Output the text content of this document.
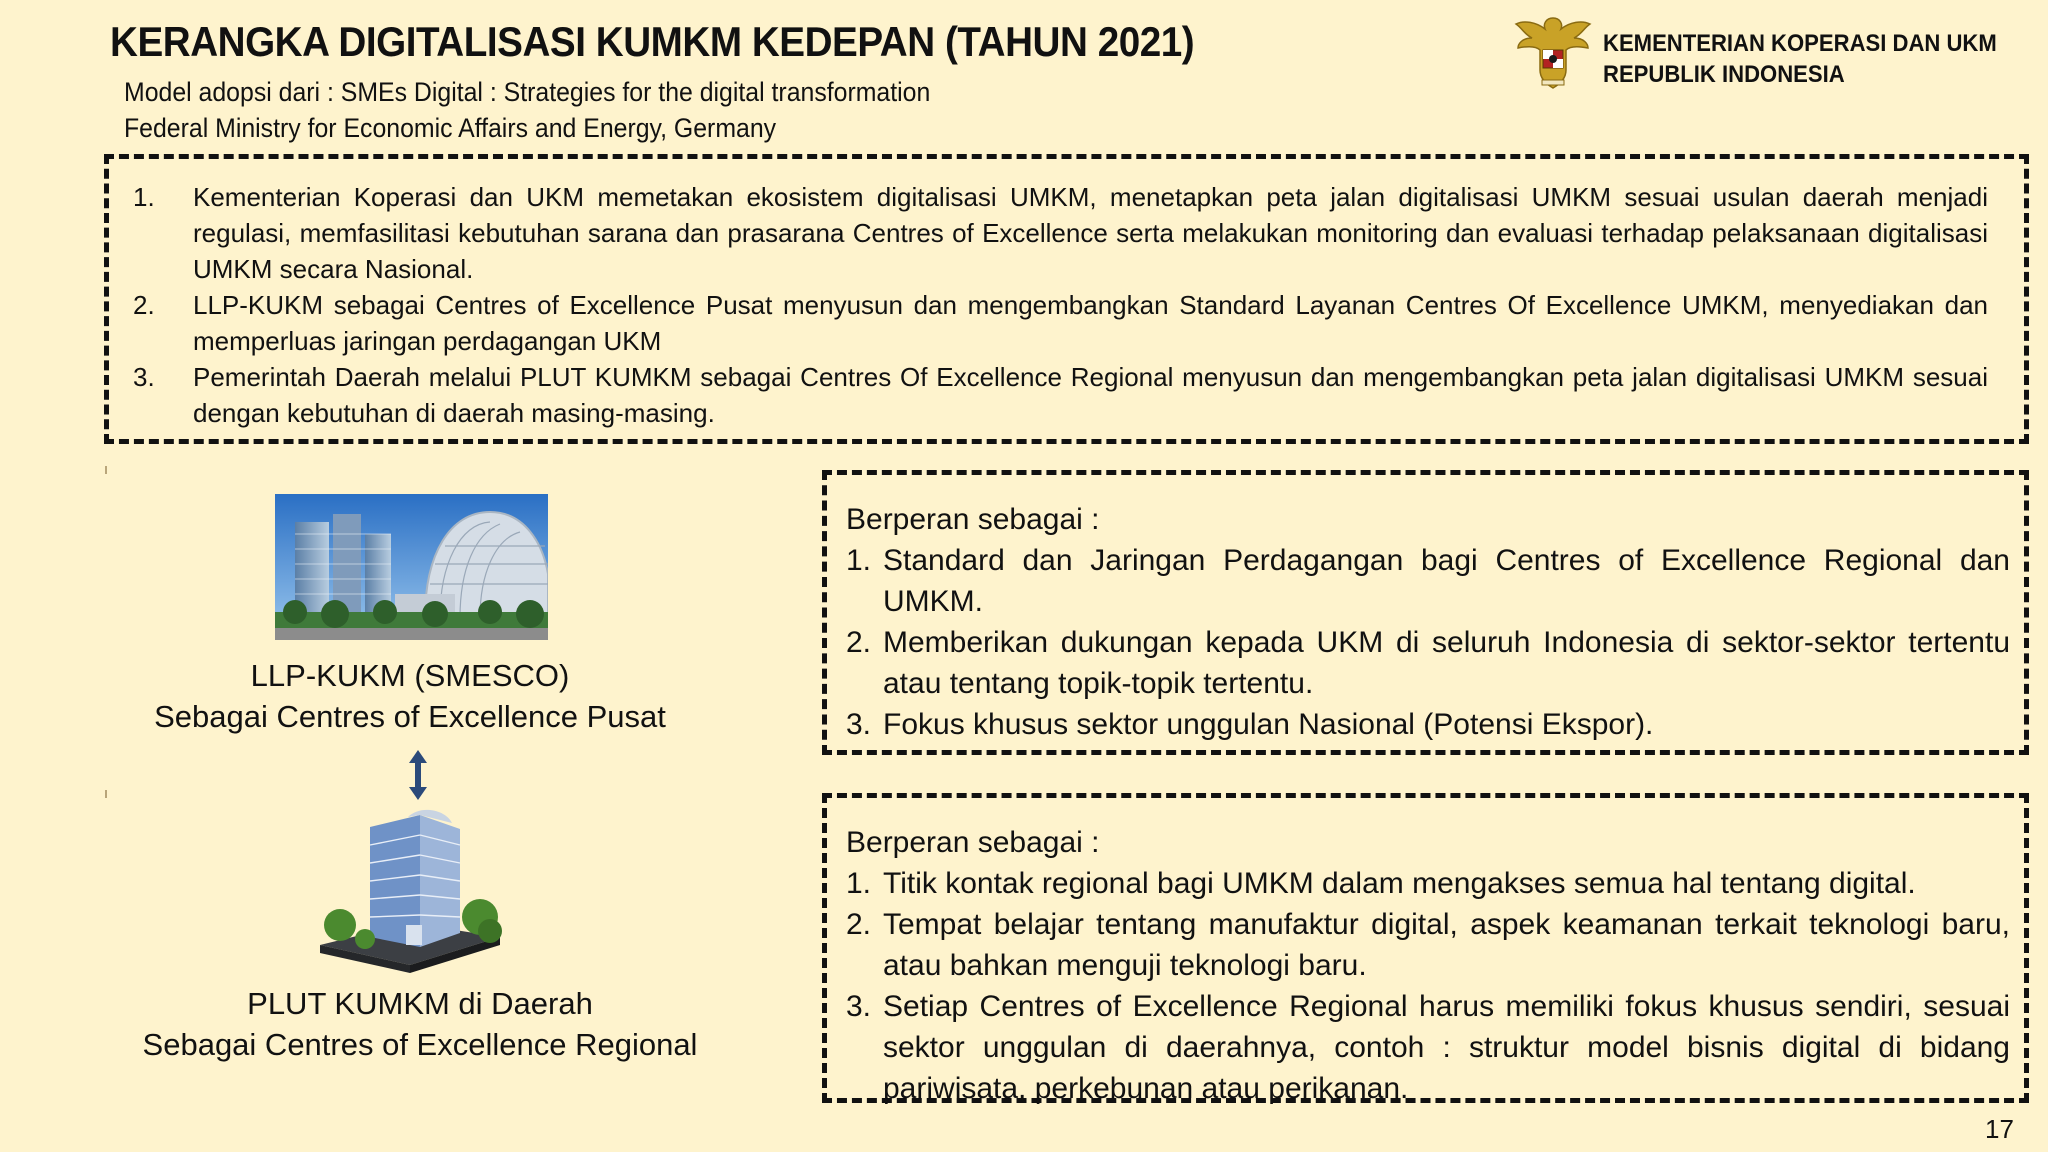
KERANGKA DIGITALISASI KUMKM KEDEPAN (TAHUN 2021)
Model adopsi dari : SMEs Digital : Strategies for the digital transformation
Federal Ministry for Economic Affairs and Energy, Germany
KEMENTERIAN KOPERASI DAN UKM
REPUBLIK INDONESIA
1.	Kementerian Koperasi dan UKM memetakan ekosistem digitalisasi UMKM, menetapkan peta jalan digitalisasi UMKM sesuai usulan daerah menjadi regulasi, memfasilitasi kebutuhan sarana dan prasarana Centres of Excellence serta melakukan monitoring dan evaluasi terhadap pelaksanaan digitalisasi UMKM secara Nasional.
2.	LLP-KUKM sebagai Centres of Excellence Pusat menyusun dan mengembangkan Standard Layanan Centres Of Excellence UMKM, menyediakan dan memperluas jaringan perdagangan UKM
3.	Pemerintah Daerah melalui PLUT KUMKM sebagai Centres Of Excellence Regional menyusun dan mengembangkan peta jalan digitalisasi UMKM sesuai dengan kebutuhan di daerah masing-masing.
LLP-KUKM (SMESCO)
Sebagai Centres of Excellence Pusat
PLUT KUMKM di Daerah
Sebagai Centres of Excellence Regional

Berperan sebagai :

1. Standard dan Jaringan Perdagangan bagi Centres of Excellence Regional dan UMKM.
2. Memberikan dukungan kepada UKM di seluruh Indonesia di sektor-sektor tertentu atau tentang topik-topik tertentu.
3. Fokus khusus sektor unggulan Nasional (Potensi Ekspor).

Berperan sebagai :

1. Titik kontak regional bagi UMKM dalam mengakses semua hal tentang digital.
2. Tempat belajar tentang manufaktur digital, aspek keamanan terkait teknologi baru, atau bahkan menguji teknologi baru.
3. Setiap Centres of Excellence Regional harus memiliki fokus khusus sendiri, sesuai sektor unggulan di daerahnya, contoh : struktur model bisnis digital di bidang pariwisata, perkebunan atau perikanan.
17
